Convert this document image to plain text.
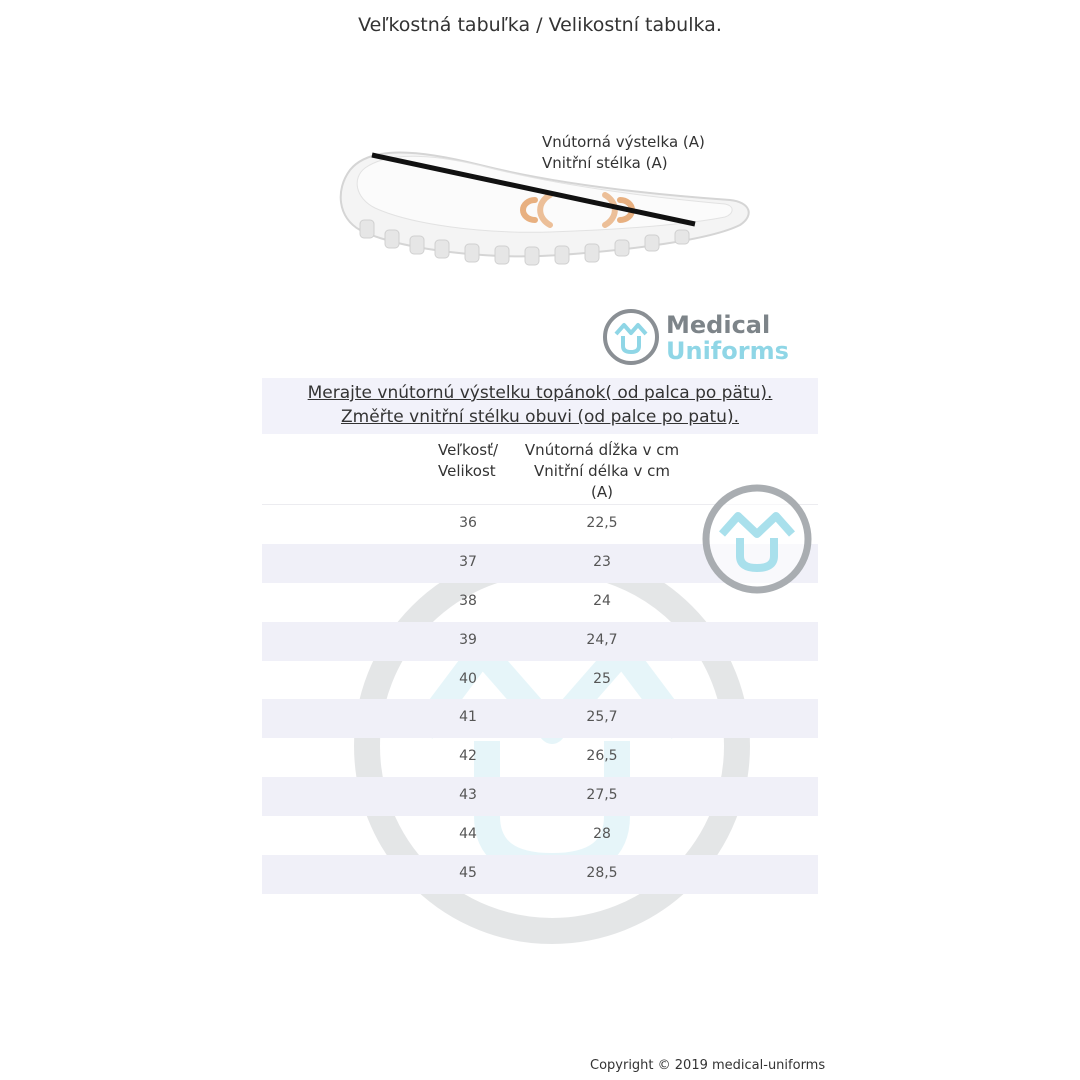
Veľkostná tabuľka / Velikostní tabulka.
Vnútorná výstelka (A)
Vnitřní stélka (A)
Medical
Uniforms
Merajte vnútornú výstelku topánok( od palca po pätu).
Změřte vnitřní stélku obuvi (od palce po patu).
Veľkosť/
Velikost
Vnútorná dĺžka v cm
Vnitřní délka v cm
(A)
36	22,5
37	23
38	24
39	24,7
40	25
41	25,7
42	26,5
43	27,5
44	28
45	28,5
Copyright © 2019 medical-uniforms
